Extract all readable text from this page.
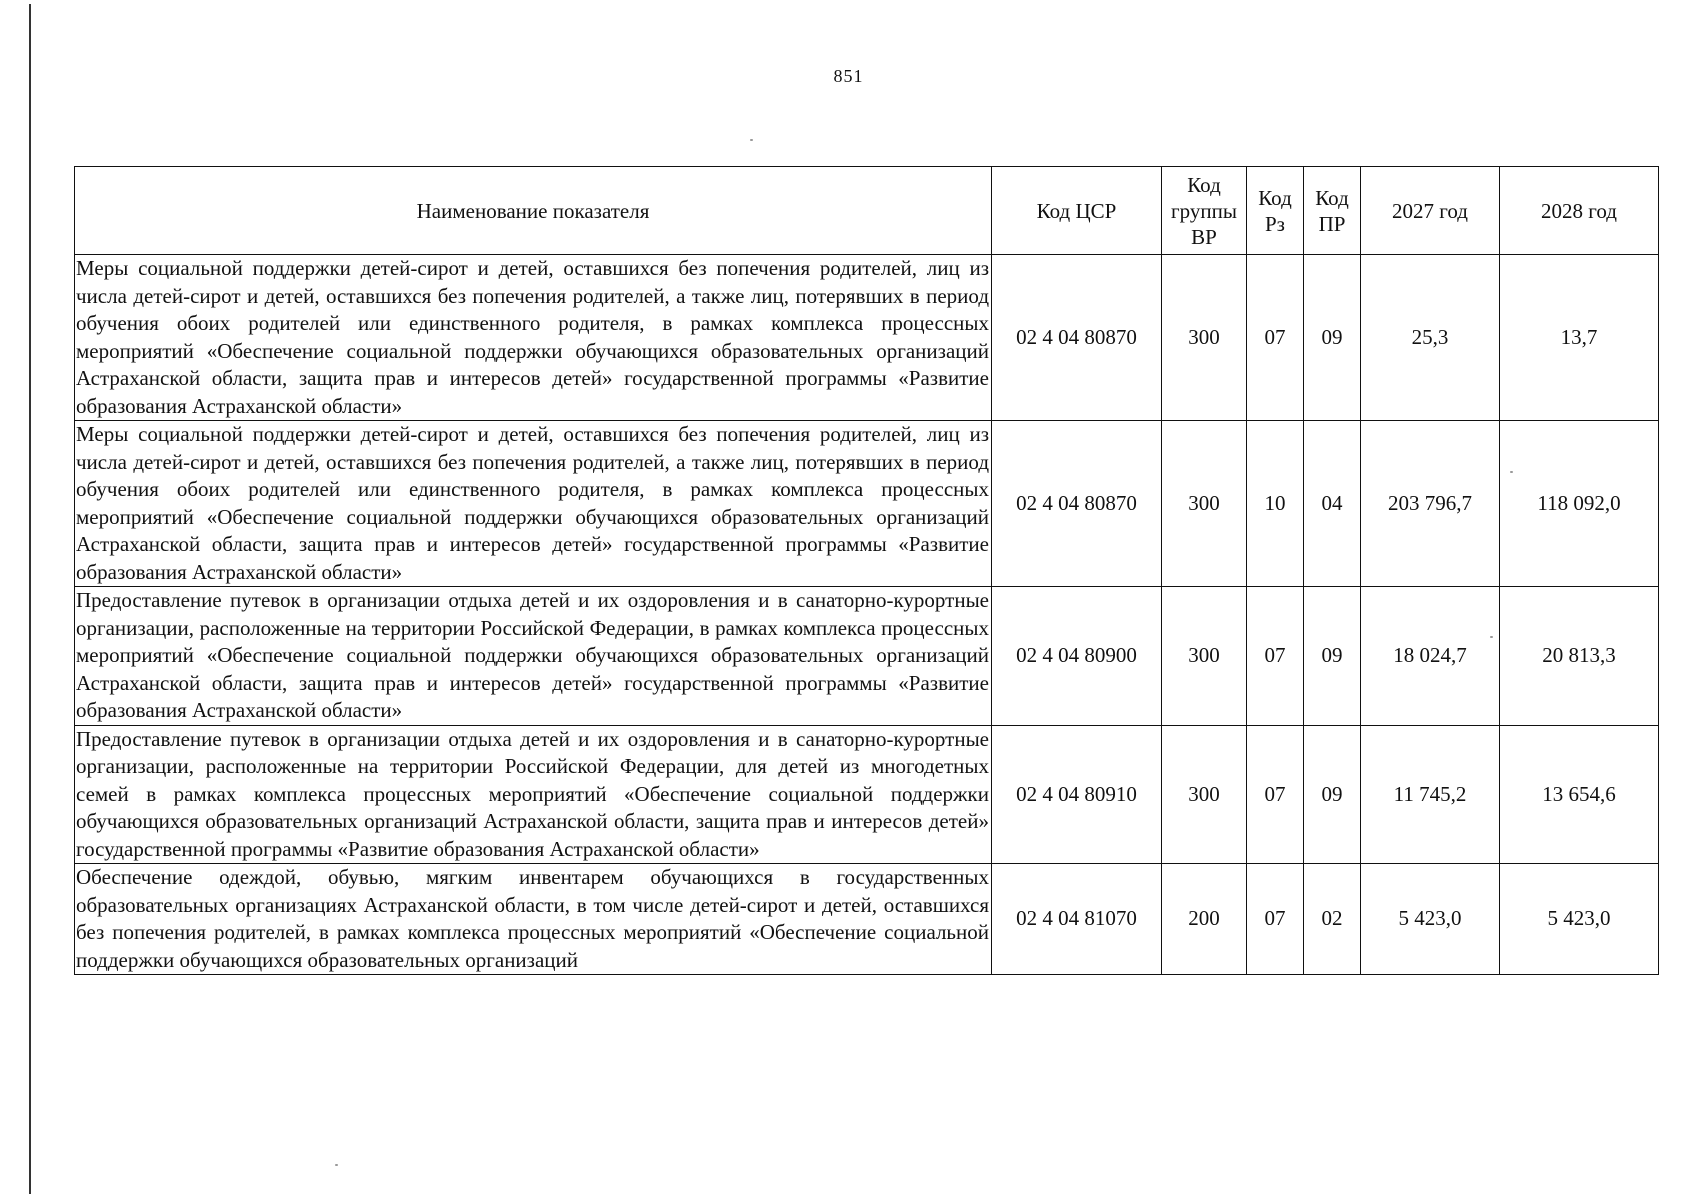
851
Наименование показателя	Код ЦСР	Код группы ВР	Код Рз	Код ПР	2027 год	2028 год
Меры социальной поддержки детей-сирот и детей, оставшихся без попечения родителей, лиц из числа детей-сирот и детей, оставшихся без попечения родителей, а также лиц, потерявших в период обучения обоих родителей или единственного родителя, в рамках комплекса процессных мероприятий «Обеспечение социальной поддержки обучающихся образовательных организаций Астраханской области, защита прав и интересов детей» государственной программы «Развитие образования Астраханской области»	02 4 04 80870	300	07	09	25,3	13,7
Меры социальной поддержки детей-сирот и детей, оставшихся без попечения родителей, лиц из числа детей-сирот и детей, оставшихся без попечения родителей, а также лиц, потерявших в период обучения обоих родителей или единственного родителя, в рамках комплекса процессных мероприятий «Обеспечение социальной поддержки обучающихся образовательных организаций Астраханской области, защита прав и интересов детей» государственной программы «Развитие образования Астраханской области»	02 4 04 80870	300	10	04	203 796,7	118 092,0
Предоставление путевок в организации отдыха детей и их оздоровления и в санаторно-курортные организации, расположенные на территории Российской Федерации, в рамках комплекса процессных мероприятий «Обеспечение социальной поддержки обучающихся образовательных организаций Астраханской области, защита прав и интересов детей» государственной программы «Развитие образования Астраханской области»	02 4 04 80900	300	07	09	18 024,7	20 813,3
Предоставление путевок в организации отдыха детей и их оздоровления и в санаторно-курортные организации, расположенные на территории Российской Федерации, для детей из многодетных семей в рамках комплекса процессных мероприятий «Обеспечение социальной поддержки обучающихся образовательных организаций Астраханской области, защита прав и интересов детей» государственной программы «Развитие образования Астраханской области»	02 4 04 80910	300	07	09	11 745,2	13 654,6
Обеспечение одеждой, обувью, мягким инвентарем обучающихся в государственных образовательных организациях Астраханской области, в том числе детей-сирот и детей, оставшихся без попечения родителей, в рамках комплекса процессных мероприятий «Обеспечение социальной поддержки обучающихся образовательных организаций	02 4 04 81070	200	07	02	5 423,0	5 423,0
